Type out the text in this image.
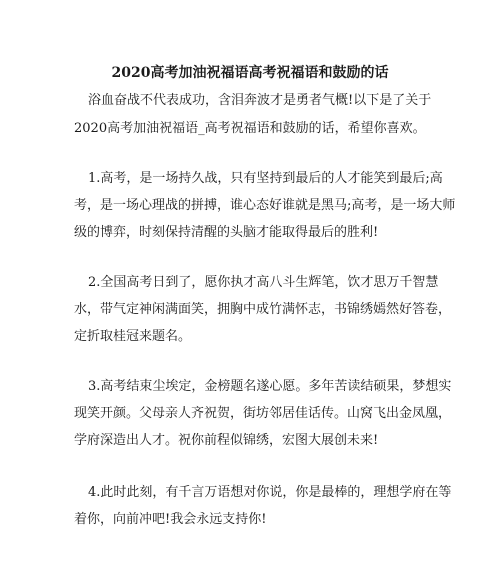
2020高考加油祝福语高考祝福语和鼓励的话
浴血奋战不代表成功，含泪奔波才是勇者气概!以下是了关于
2020高考加油祝福语_高考祝福语和鼓励的话，希望你喜欢。
1.高考，是一场持久战，只有坚持到最后的人才能笑到最后;高
考，是一场心理战的拼搏，谁心态好谁就是黑马;高考，是一场大师
级的博弈，时刻保持清醒的头脑才能取得最后的胜利!
2.全国高考日到了，愿你执才高八斗生辉笔，饮才思万千智慧
水，带气定神闲满面笑，拥胸中成竹满怀志，书锦绣嫣然好答卷，
定折取桂冠来题名。
3.高考结束尘埃定，金榜题名遂心愿。多年苦读结硕果，梦想实
现笑开颜。父母亲人齐祝贺，街坊邻居佳话传。山窝飞出金凤凰，
学府深造出人才。祝你前程似锦绣，宏图大展创未来!
4.此时此刻，有千言万语想对你说，你是最棒的，理想学府在等
着你，向前冲吧!我会永远支持你!
